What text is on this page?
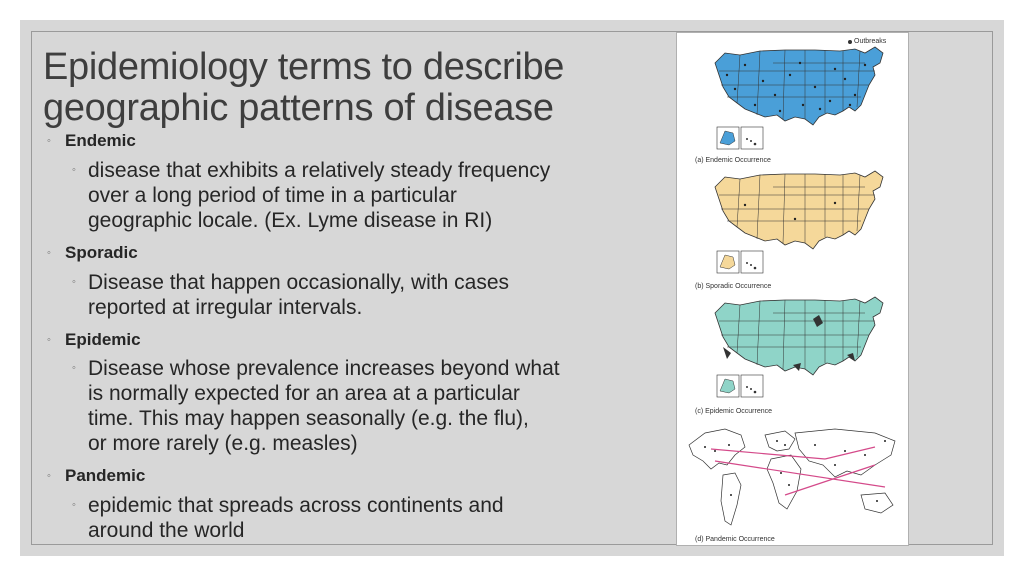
Epidemiology terms to describe
geographic patterns of disease
◦ Endemic
◦ disease that exhibits a relatively steady frequency
over a long period of time in a particular
geographic locale. (Ex. Lyme disease in RI)
◦ Sporadic
◦ Disease that happen occasionally, with cases
reported at irregular intervals.
◦ Epidemic
◦ Disease whose prevalence increases beyond what
is normally expected for an area at a particular
time. This may happen seasonally (e.g. the flu),
or more rarely (e.g. measles)
◦ Pandemic
◦ epidemic that spreads across continents and
around the world
Outbreaks
(a) Endemic Occurrence
(b) Sporadic Occurrence
(c) Epidemic Occurrence
(d) Pandemic Occurrence
